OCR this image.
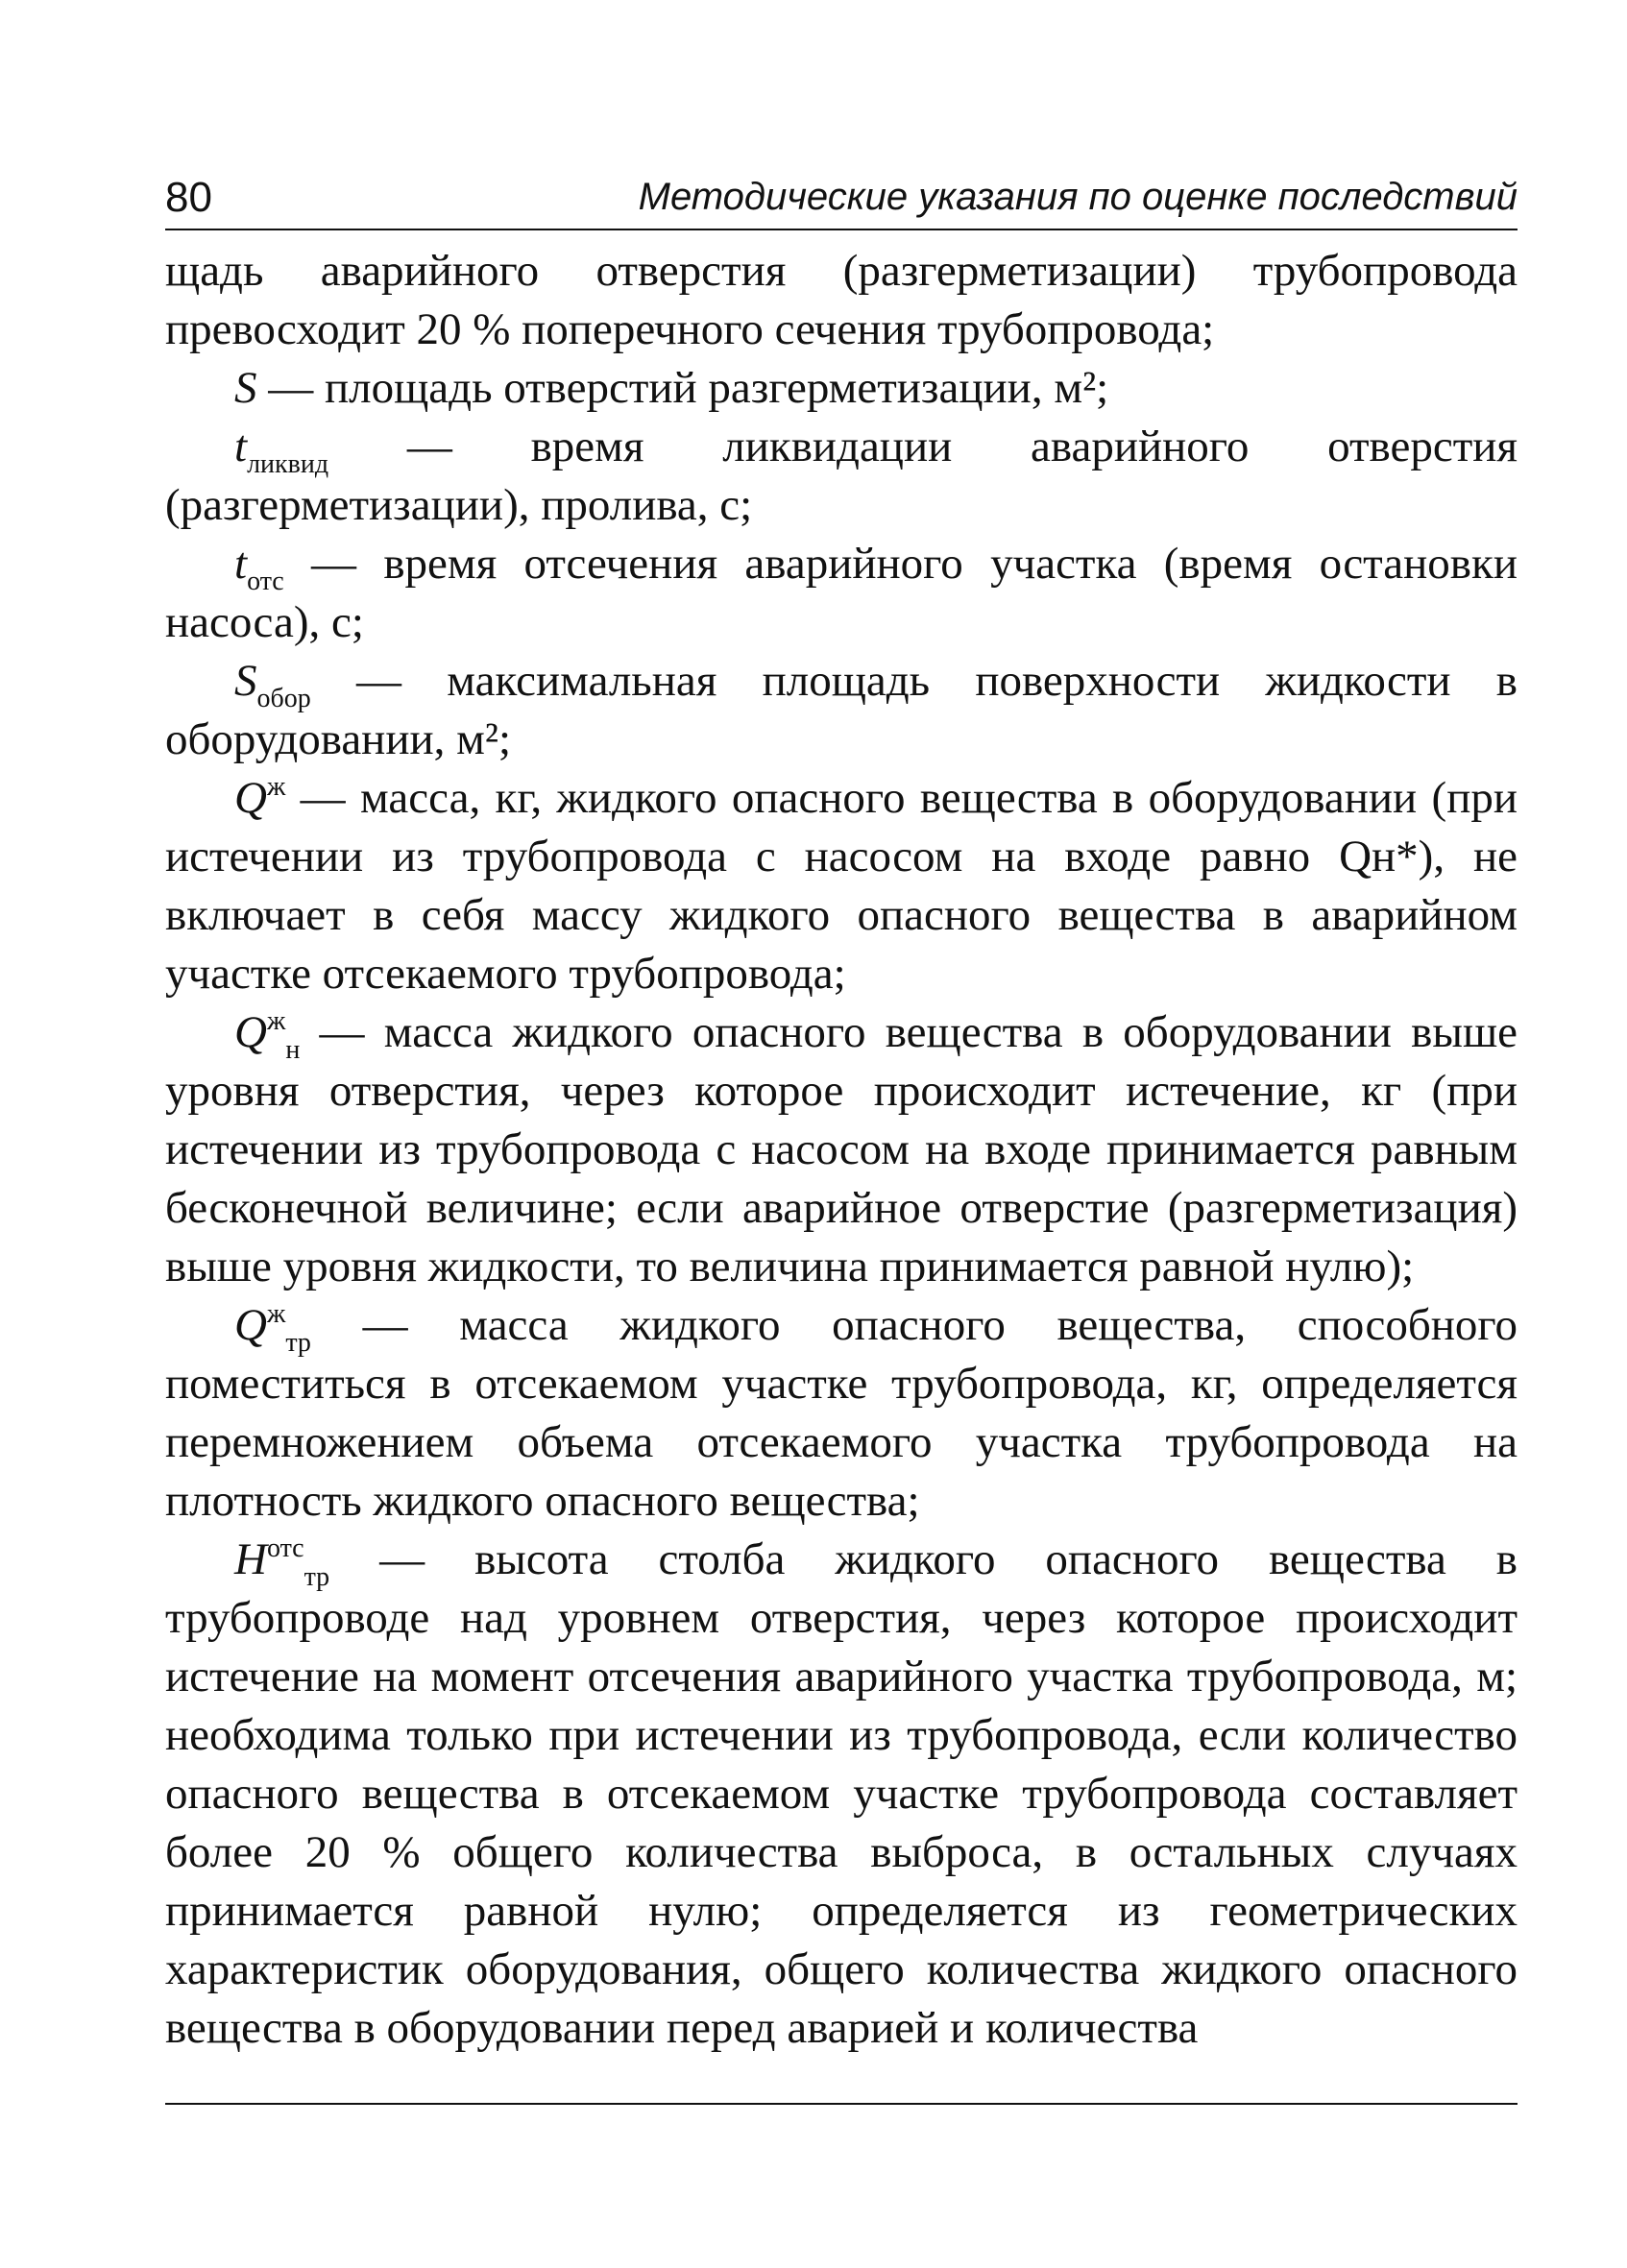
80	Методические указания по оценке последствий

щадь аварийного отверстия (разгерметизации) трубопровода превосходит 20 % поперечного сечения трубопровода;

S — площадь отверстий разгерметизации, м²;

$t_{ликвид}$ — время ликвидации аварийного отверстия (разгерметизации), пролива, с;

$t_{отс}$ — время отсечения аварийного участка (время остановки насоса), с;

$S_{обор}$ — максимальная площадь поверхности жидкости в оборудовании, м²;

$Q^ж$ — масса, кг, жидкого опасного вещества в оборудовании (при истечении из трубопровода с насосом на входе равно Qн*), не включает в себя массу жидкого опасного вещества в аварийном участке отсекаемого трубопровода;

$Q^ж_н$ — масса жидкого опасного вещества в оборудовании выше уровня отверстия, через которое происходит истечение, кг (при истечении из трубопровода с насосом на входе принимается равным бесконечной величине; если аварийное отверстие (разгерметизация) выше уровня жидкости, то величина принимается равной нулю);

$Q^ж_{тр}$ — масса жидкого опасного вещества, способного поместиться в отсекаемом участке трубопровода, кг, определяется перемножением объема отсекаемого участка трубопровода на плотность жидкого опасного вещества;

$H^{отс}_{тр}$ — высота столба жидкого опасного вещества в трубопроводе над уровнем отверстия, через которое происходит истечение на момент отсечения аварийного участка трубопровода, м; необходима только при истечении из трубопровода, если количество опасного вещества в отсекаемом участке трубопровода составляет более 20 % общего количества выброса, в остальных случаях принимается равной нулю; определяется из геометрических характеристик оборудования, общего количества жидкого опасного вещества в оборудовании перед аварией и количества
